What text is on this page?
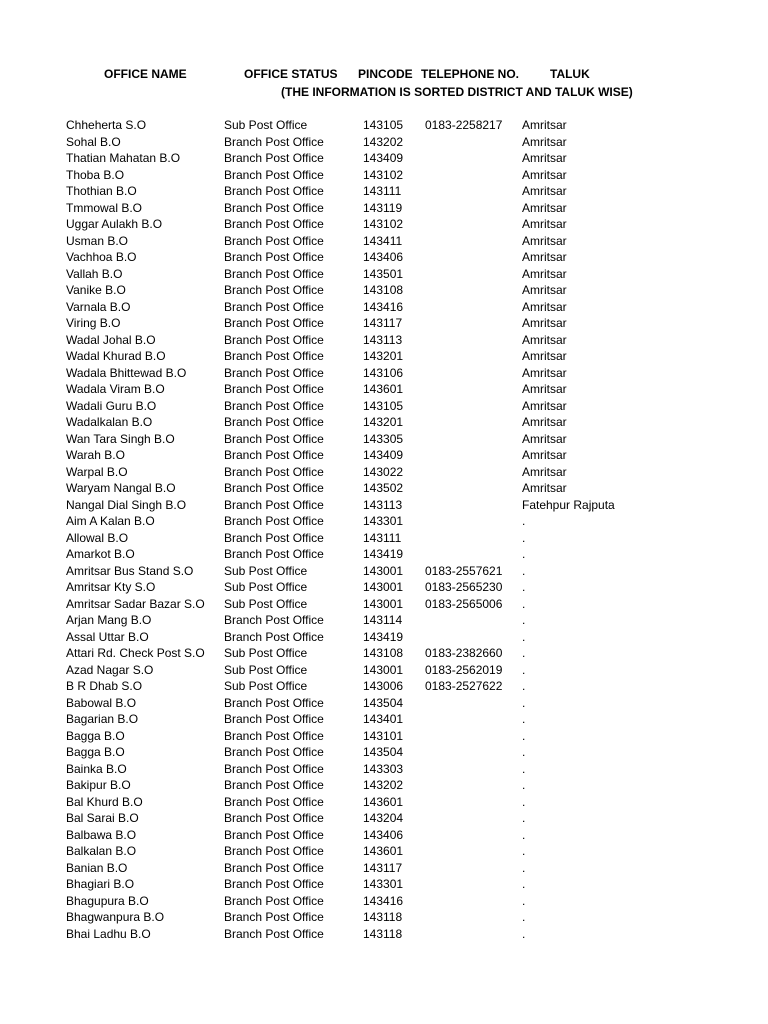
OFFICE NAME	OFFICE STATUS PINCODE TELEPHONE NO.	TALUK
(THE INFORMATION IS SORTED DISTRICT AND TALUK WISE)
Chheherta S.O	Sub Post Office	143105 0183-2258217 Amritsar
Sohal B.O	Branch Post Office	143202	Amritsar
Thatian Mahatan B.O	Branch Post Office	143409	Amritsar
Thoba B.O	Branch Post Office	143102	Amritsar
Thothian B.O	Branch Post Office	143111	Amritsar
Tmmowal B.O	Branch Post Office	143119	Amritsar
Uggar Aulakh B.O	Branch Post Office	143102	Amritsar
Usman B.O	Branch Post Office	143411	Amritsar
Vachhoa B.O	Branch Post Office	143406	Amritsar
Vallah B.O	Branch Post Office	143501	Amritsar
Vanike B.O	Branch Post Office	143108	Amritsar
Varnala B.O	Branch Post Office	143416	Amritsar
Viring B.O	Branch Post Office	143117	Amritsar
Wadal Johal B.O	Branch Post Office	143113	Amritsar
Wadal Khurad B.O	Branch Post Office	143201	Amritsar
Wadala Bhittewad B.O	Branch Post Office	143106	Amritsar
Wadala Viram B.O	Branch Post Office	143601	Amritsar
Wadali Guru B.O	Branch Post Office	143105	Amritsar
Wadalkalan B.O	Branch Post Office	143201	Amritsar
Wan Tara Singh B.O	Branch Post Office	143305	Amritsar
Warah B.O	Branch Post Office	143409	Amritsar
Warpal B.O	Branch Post Office	143022	Amritsar
Waryam Nangal B.O	Branch Post Office	143502	Amritsar
Nangal Dial Singh B.O	Branch Post Office	143113	Fatehpur Rajputa
Aim A Kalan B.O	Branch Post Office	143301	.
Allowal B.O	Branch Post Office	143111	.
Amarkot B.O	Branch Post Office	143419	.
Amritsar Bus Stand S.O	Sub Post Office	143001 0183-2557621 .
Amritsar Kty S.O	Sub Post Office	143001 0183-2565230 .
Amritsar Sadar Bazar S.O Sub Post Office	143001 0183-2565006 .
Arjan Mang B.O	Branch Post Office	143114	.
Assal Uttar B.O	Branch Post Office	143419	.
Attari Rd. Check Post S.O Sub Post Office	143108 0183-2382660 .
Azad Nagar S.O	Sub Post Office	143001 0183-2562019 .
B R Dhab S.O	Sub Post Office	143006 0183-2527622 .
Babowal B.O	Branch Post Office	143504	.
Bagarian B.O	Branch Post Office	143401	.
Bagga B.O	Branch Post Office	143101	.
Bagga B.O	Branch Post Office	143504	.
Bainka B.O	Branch Post Office	143303	.
Bakipur B.O	Branch Post Office	143202	.
Bal Khurd B.O	Branch Post Office	143601	.
Bal Sarai B.O	Branch Post Office	143204	.
Balbawa B.O	Branch Post Office	143406	.
Balkalan B.O	Branch Post Office	143601	.
Banian B.O	Branch Post Office	143117	.
Bhagiari B.O	Branch Post Office	143301	.
Bhagupura B.O	Branch Post Office	143416	.
Bhagwanpura B.O	Branch Post Office	143118	.
Bhai Ladhu B.O	Branch Post Office	143118	.
